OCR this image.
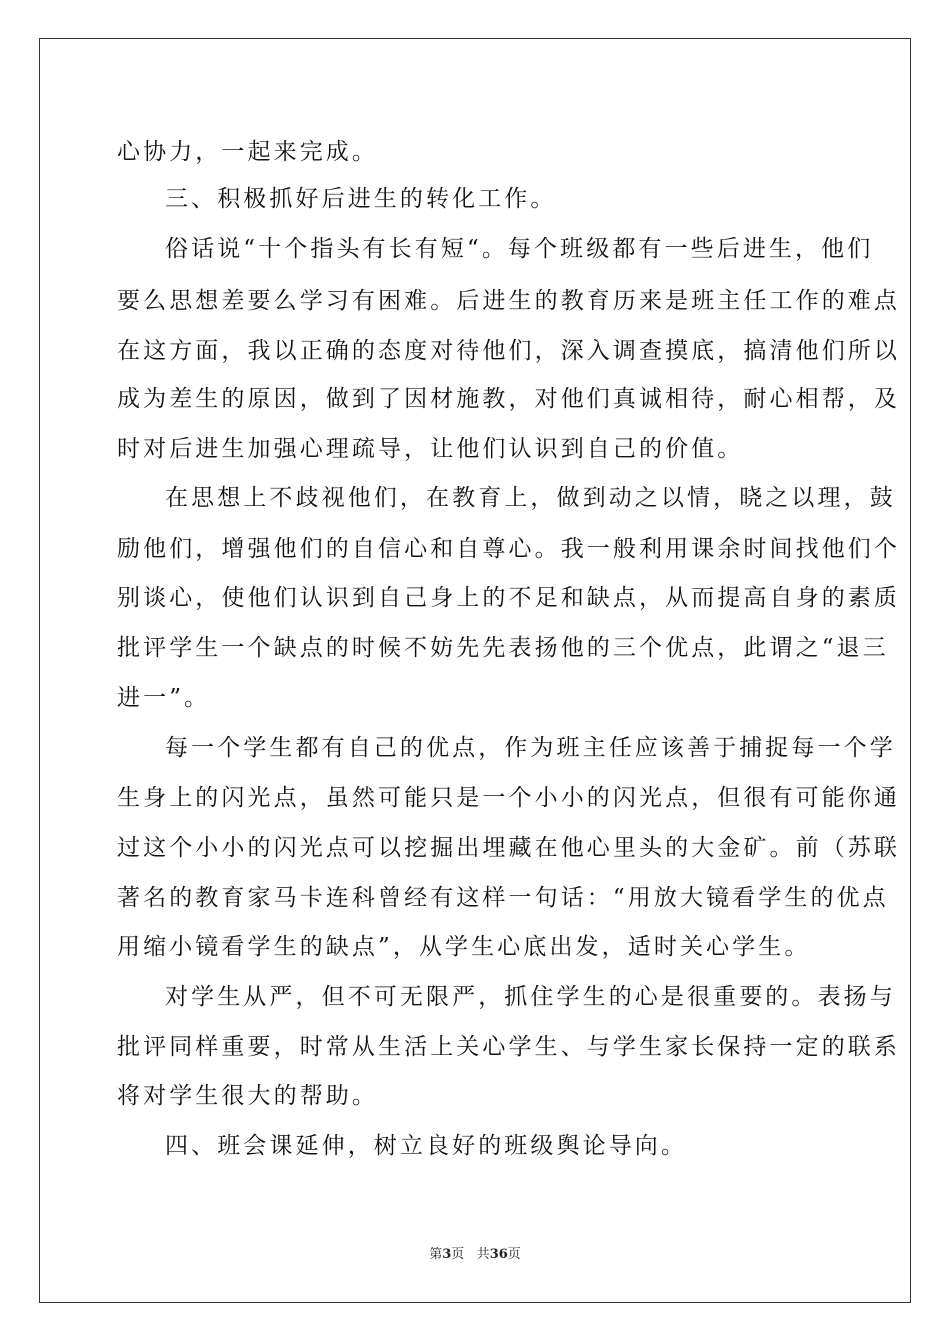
心协力，一起来完成。
三、积极抓好后进生的转化工作。
俗话说“十个指头有长有短“。每个班级都有一些后进生，他们
要么思想差要么学习有困难。后进生的教育历来是班主任工作的难点
在这方面，我以正确的态度对待他们，深入调查摸底，搞清他们所以
成为差生的原因，做到了因材施教，对他们真诚相待，耐心相帮，及
时对后进生加强心理疏导，让他们认识到自己的价值。
在思想上不歧视他们，在教育上，做到动之以情，晓之以理，鼓
励他们，增强他们的自信心和自尊心。我一般利用课余时间找他们个
别谈心，使他们认识到自己身上的不足和缺点，从而提高自身的素质
批评学生一个缺点的时候不妨先先表扬他的三个优点，此谓之“退三
进一”。
每一个学生都有自己的优点，作为班主任应该善于捕捉每一个学
生身上的闪光点，虽然可能只是一个小小的闪光点，但很有可能你通
过这个小小的闪光点可以挖掘出埋藏在他心里头的大金矿。前（苏联
著名的教育家马卡连科曾经有这样一句话：“用放大镜看学生的优点
用缩小镜看学生的缺点”，从学生心底出发，适时关心学生。
对学生从严，但不可无限严，抓住学生的心是很重要的。表扬与
批评同样重要，时常从生活上关心学生、与学生家长保持一定的联系
将对学生很大的帮助。
四、班会课延伸，树立良好的班级舆论导向。
第3页 共36页
